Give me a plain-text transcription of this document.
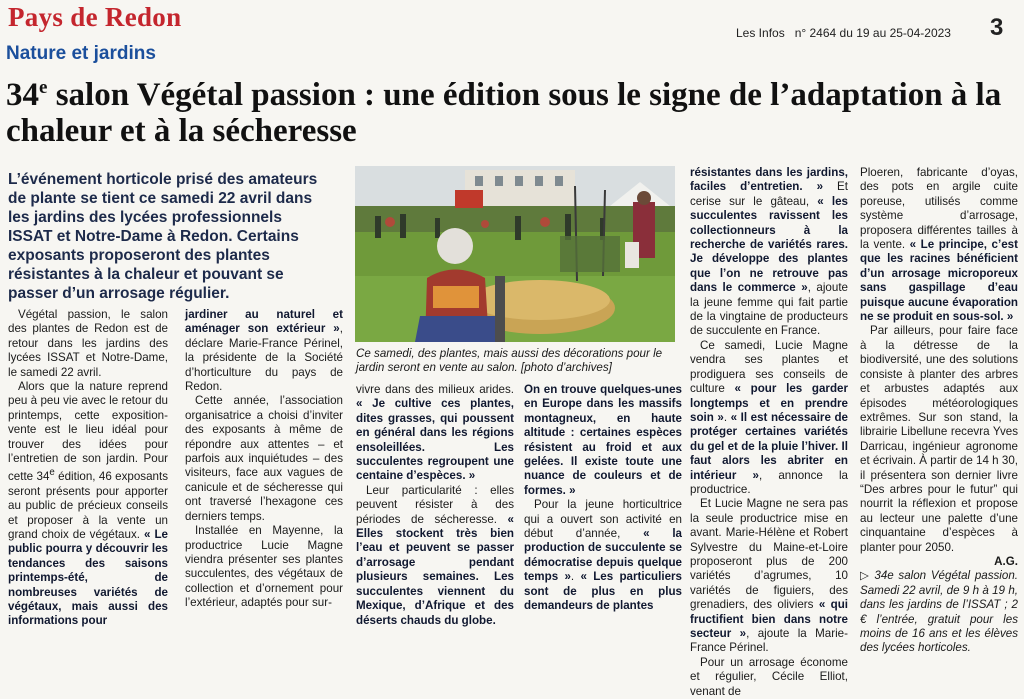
Pays de Redon
Les Infos   n° 2464 du 19 au 25-04-2023 3
Nature et jardins
34e salon Végétal passion : une édition sous le signe de l’adaptation à la chaleur et à la sécheresse
L’événement horticole prisé des amateurs de plante se tient ce samedi 22 avril dans les jardins des lycées professionnels ISSAT et Notre-Dame à Redon. Certains exposants proposeront des plantes résistantes à la chaleur et pouvant se passer d’un arrosage régulier.
Ce samedi, des plantes, mais aussi des décorations pour le jardin seront en vente au salon. [photo d’archives]

Végétal passion, le salon des plantes de Redon est de retour dans les jardins des lycées ISSAT et Notre-Dame, le samedi 22 avril.

Alors que la nature reprend peu à peu vie avec le retour du printemps, cette exposition-vente est le lieu idéal pour trouver des idées pour l’entretien de son jardin. Pour cette 34e édition, 46 exposants seront présents pour apporter au public de précieux conseils et proposer à la vente un grand choix de végétaux. « Le public pourra y découvrir les tendances des saisons printemps-été, de nombreuses variétés de végétaux, mais aussi des informations pour

jardiner au naturel et aménager son extérieur », déclare Marie-France Périnel, la présidente de la Société d’horticulture du pays de Redon.

Cette année, l’association organisatrice a choisi d’inviter des exposants à même de répondre aux attentes – et parfois aux inquiétudes – des visiteurs, face aux vagues de canicule et de sécheresse qui ont traversé l’hexagone ces derniers temps.

Installée en Mayenne, la productrice Lucie Magne viendra présenter ses plantes succulentes, des végétaux de collection et d’ornement pour l’extérieur, adaptés pour sur-

vivre dans des milieux arides. « Je cultive ces plantes, dites grasses, qui poussent en général dans les régions ensoleillées. Les succulentes regroupent une centaine d’espèces. »

Leur particularité : elles peuvent résister à des périodes de sécheresse. « Elles stockent très bien l’eau et peuvent se passer d’arrosage pendant plusieurs semaines. Les succulentes viennent du Mexique, d’Afrique et des déserts chauds du globe.

On en trouve quelques-unes en Europe dans les massifs montagneux, en haute altitude : certaines espèces résistent au froid et aux gelées. Il existe toute une nuance de couleurs et de formes. »

Pour la jeune horticultrice qui a ouvert son activité en début d’année, « la production de succulente se démocratise depuis quelque temps ». « Les particuliers sont de plus en plus demandeurs de plantes

résistantes dans les jardins, faciles d’entretien. » Et cerise sur le gâteau, « les succulentes ravissent les collectionneurs à la recherche de variétés rares. Je développe des plantes que l’on ne retrouve pas dans le commerce », ajoute la jeune femme qui fait partie de la vingtaine de producteurs de succulente en France.

Ce samedi, Lucie Magne vendra ses plantes et prodiguera ses conseils de culture « pour les garder longtemps et en prendre soin ». « Il est nécessaire de protéger certaines variétés du gel et de la pluie l’hiver. Il faut alors les abriter en intérieur », annonce la productrice.

Et Lucie Magne ne sera pas la seule productrice mise en avant. Marie-Hélène et Robert Sylvestre du Maine-et-Loire proposeront plus de 200 variétés d’agrumes, 10 variétés de figuiers, des grenadiers, des oliviers « qui fructifient bien dans notre secteur », ajoute la Marie-France Périnel.

Pour un arrosage économe et régulier, Cécile Elliot, venant de

Ploeren, fabricante d’oyas, des pots en argile cuite poreuse, utilisés comme système d’arrosage, proposera différentes tailles à la vente. « Le principe, c’est que les racines bénéficient d’un arrosage microporeux sans gaspillage d’eau puisque aucune évaporation ne se produit en sous-sol. »

Par ailleurs, pour faire face à la détresse de la biodiversité, une des solutions consiste à planter des arbres et arbustes adaptés aux épisodes météorologiques extrêmes. Sur son stand, la librairie Libellune recevra Yves Darricau, ingénieur agronome et écrivain. À partir de 14 h 30, il présentera son dernier livre “Des arbres pour le futur” qui nourrit la réflexion et propose au lecteur une palette d’une cinquantaine d’espèces à planter pour 2050.

A.G.

▷ 34e salon Végétal passion. Samedi 22 avril, de 9 h à 19 h, dans les jardins de l’ISSAT ; 2 € l’entrée, gratuit pour les moins de 16 ans et les élèves des lycées horticoles.
